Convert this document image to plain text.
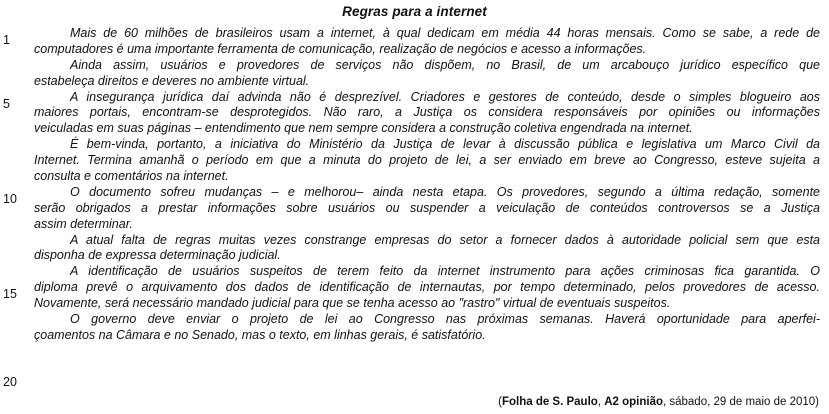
Regras para a internet
1
5
10
15
20
Mais de 60 milhões de brasileiros usam a internet, à qual dedicam em média 44 horas mensais. Como se sabe, a rede de
computadores é uma importante ferramenta de comunicação, realização de negócios e acesso a informações.
Ainda assim, usuários e provedores de serviços não dispõem, no Brasil, de um arcabouço jurídico específico que
estabeleça direitos e deveres no ambiente virtual.
A insegurança jurídica daí advinda não é desprezível. Criadores e gestores de conteúdo, desde o simples blogueiro aos
maiores portais, encontram-se desprotegidos. Não raro, a Justiça os considera responsáveis por opiniões ou informações
veiculadas em suas páginas – entendimento que nem sempre considera a construção coletiva engendrada na internet.
É bem-vinda, portanto, a iniciativa do Ministério da Justiça de levar à discussão pública e legislativa um Marco Civil da
Internet. Termina amanhã o período em que a minuta do projeto de lei, a ser enviado em breve ao Congresso, esteve sujeita a
consulta e comentários na internet.
O documento sofreu mudanças – e melhorou– ainda nesta etapa. Os provedores, segundo a última redação, somente
serão obrigados a prestar informações sobre usuários ou suspender a veiculação de conteúdos controversos se a Justiça
assim determinar.
A atual falta de regras muitas vezes constrange empresas do setor a fornecer dados à autoridade policial sem que esta
disponha de expressa determinação judicial.
A identificação de usuários suspeitos de terem feito da internet instrumento para ações criminosas fica garantida. O
diploma prevê o arquivamento dos dados de identificação de internautas, por tempo determinado, pelos provedores de acesso.
Novamente, será necessário mandado judicial para que se tenha acesso ao "rastro" virtual de eventuais suspeitos.
O governo deve enviar o projeto de lei ao Congresso nas próximas semanas. Haverá oportunidade para aperfei-
çoamentos na Câmara e no Senado, mas o texto, em linhas gerais, é satisfatório.
(Folha de S. Paulo, A2 opinião, sábado, 29 de maio de 2010)
